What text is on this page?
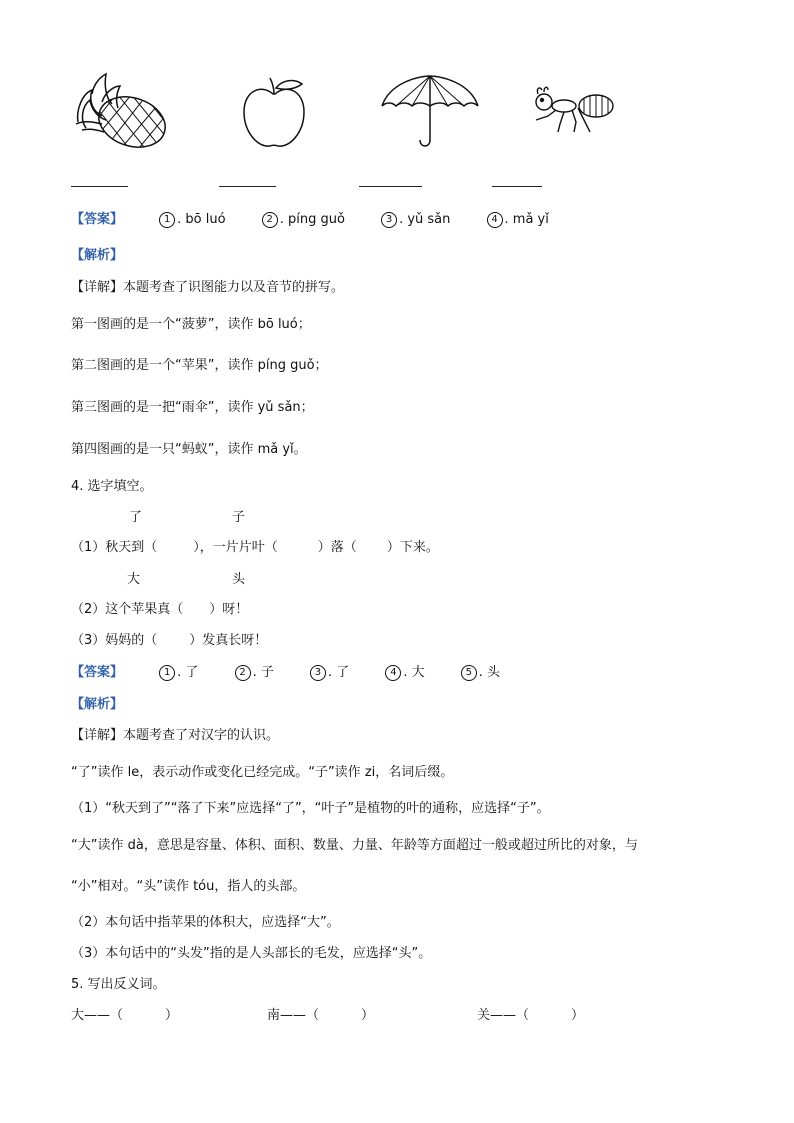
【答案】	1 . bō luó	2 . píng guǒ	3 . yǔ sǎn	4 . mǎ yǐ
【解析】
【详解】本题考查了识图能力以及音节的拼写。
第一图画的是一个“菠萝”，读作 bō luó；
第二图画的是一个“苹果”，读作 píng guǒ；
第三图画的是一把“雨伞”，读作 yǔ sǎn；
第四图画的是一只“蚂蚁”，读作 mǎ yǐ。
4. 选字填空。
了	子
（1）秋天到（	），一片片叶（	）落（ ）下来。
大	头
（2）这个苹果真（ ）呀！
（3）妈妈的（ ）发真长呀！
【答案】	1 . 了	2 . 子	3 . 了	4 . 大	5 . 头
【解析】
【详解】本题考查了对汉字的认识。
“了”读作 le，表示动作或变化已经完成。“子”读作 zi，名词后缀。
（1）“秋天到了”“落了下来”应选择“了”，“叶子”是植物的叶的通称，应选择“子”。
“大”读作 dà，意思是容量、体积、面积、数量、力量、年龄等方面超过一般或超过所比的对象，与
“小”相对。“头”读作 tóu，指人的头部。
（2）本句话中指苹果的体积大，应选择“大”。
（3）本句话中的“头发”指的是人头部长的毛发，应选择“头”。
5. 写出反义词。
大——（	）	南——（	）	关——（	）
